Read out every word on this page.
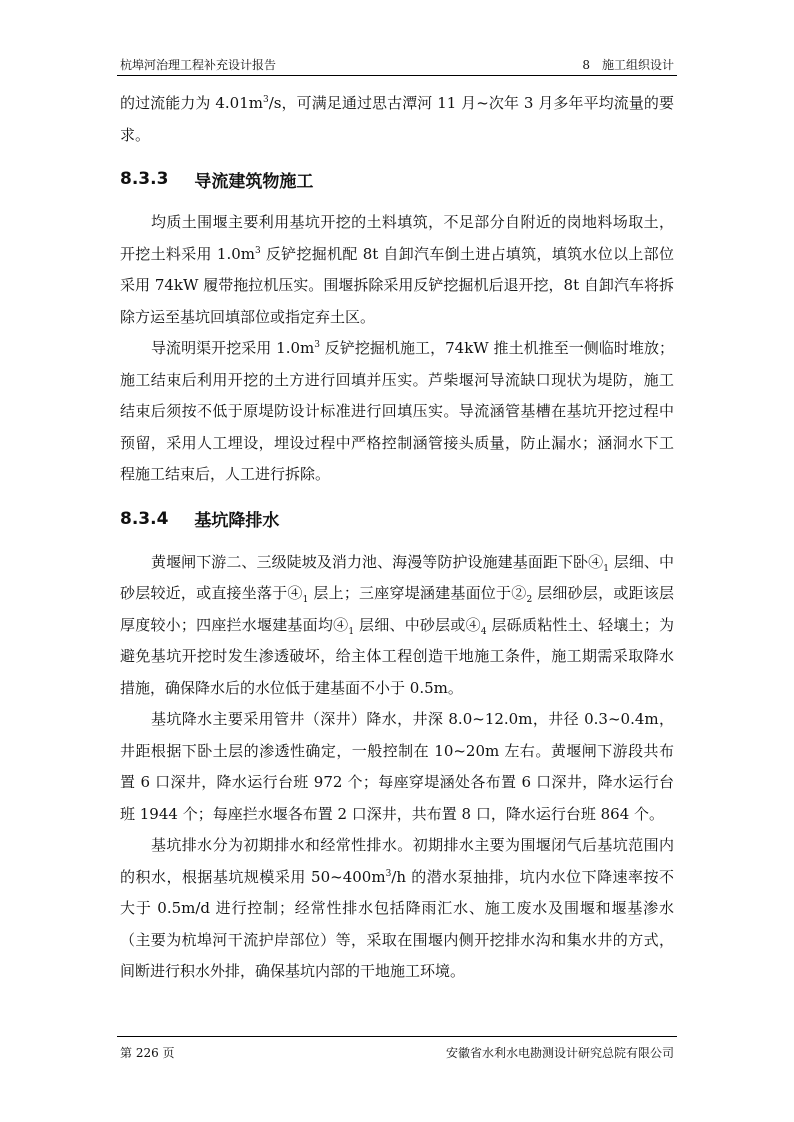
杭埠河治理工程补充设计报告	8　施工组织设计

的过流能力为 $4.01m^3/s$，可满足通过思古潭河 11 月~次年 3 月多年平均流量的要求。

8.3.3 导流建筑物施工

均质土围堰主要利用基坑开挖的土料填筑，不足部分自附近的岗地料场取土，开挖土料采用 $1.0m^3$ 反铲挖掘机配 8t 自卸汽车倒土进占填筑，填筑水位以上部位采用 74kW 履带拖拉机压实。围堰拆除采用反铲挖掘机后退开挖，8t 自卸汽车将拆除方运至基坑回填部位或指定弃土区。

导流明渠开挖采用 $1.0m^3$ 反铲挖掘机施工，74kW 推土机推至一侧临时堆放；施工结束后利用开挖的土方进行回填并压实。芦柴堰河导流缺口现状为堤防，施工结束后须按不低于原堤防设计标准进行回填压实。导流涵管基槽在基坑开挖过程中预留，采用人工埋设，埋设过程中严格控制涵管接头质量，防止漏水；涵洞水下工程施工结束后，人工进行拆除。

8.3.4 基坑降排水

黄堰闸下游二、三级陡坡及消力池、海漫等防护设施建基面距下卧$④_1$ 层细、中砂层较近，或直接坐落于$④_1$ 层上；三座穿堤涵建基面位于$②_2$ 层细砂层，或距该层厚度较小；四座拦水堰建基面均$④_1$ 层细、中砂层或$④_4$ 层砾质粘性土、轻壤土；为避免基坑开挖时发生渗透破坏，给主体工程创造干地施工条件，施工期需采取降水措施，确保降水后的水位低于建基面不小于 0.5m。

基坑降水主要采用管井（深井）降水，井深 8.0~12.0m，井径 0.3~0.4m，井距根据下卧土层的渗透性确定，一般控制在 10~20m 左右。黄堰闸下游段共布置 6 口深井，降水运行台班 972 个；每座穿堤涵处各布置 6 口深井，降水运行台班 1944 个；每座拦水堰各布置 2 口深井，共布置 8 口，降水运行台班 864 个。

基坑排水分为初期排水和经常性排水。初期排水主要为围堰闭气后基坑范围内的积水，根据基坑规模采用 $50\sim 400m^3/h$ 的潜水泵抽排，坑内水位下降速率按不大于 0.5m/d 进行控制；经常性排水包括降雨汇水、施工废水及围堰和堰基渗水（主要为杭埠河干流护岸部位）等，采取在围堰内侧开挖排水沟和集水井的方式，间断进行积水外排，确保基坑内部的干地施工环境。

第 226 页	安徽省水利水电勘测设计研究总院有限公司
